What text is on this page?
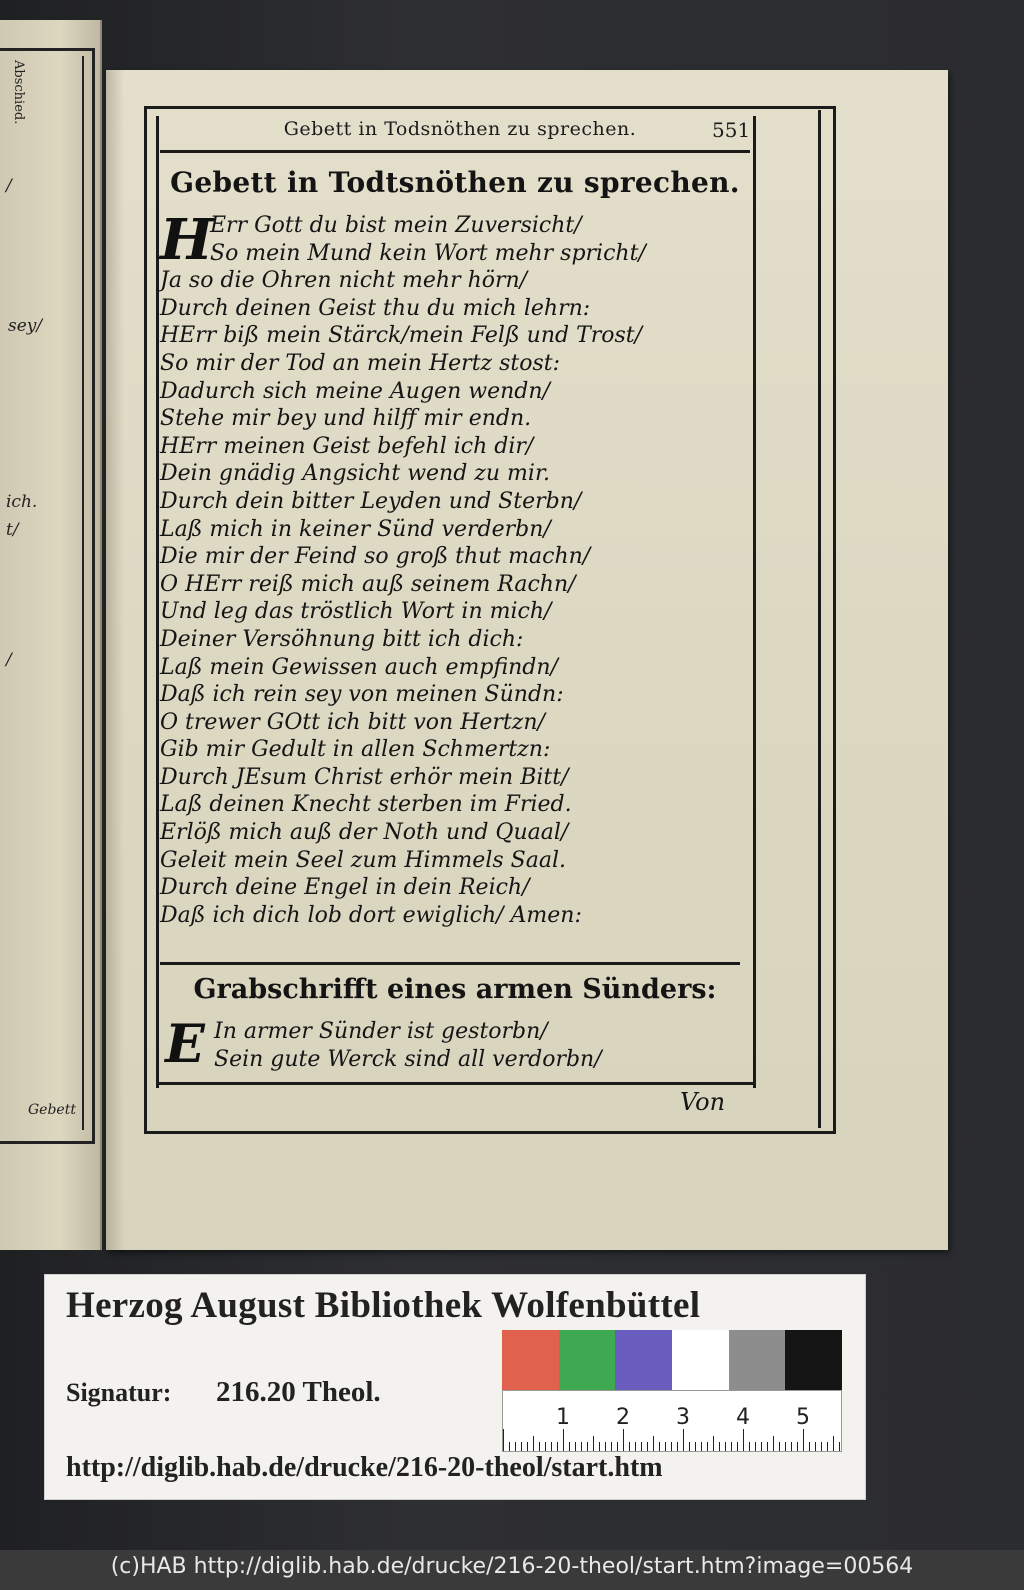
Abschied.
/
sey/
ich.
t/
/
Gebett
Gebett in Todsnöthen zu sprechen.	551
Gebett in Todtsnöthen zu sprechen.
H
Err Gott du bist mein Zuversicht/
So mein Mund kein Wort mehr spricht/
Ja so die Ohren nicht mehr hörn/
Durch deinen Geist thu du mich lehrn:
HErr biß mein Stärck/mein Felß und Trost/
So mir der Tod an mein Hertz stost:
Dadurch sich meine Augen wendn/
Stehe mir bey und hilff mir endn.
HErr meinen Geist befehl ich dir/
Dein gnädig Angsicht wend zu mir.
Durch dein bitter Leyden und Sterbn/
Laß mich in keiner Sünd verderbn/
Die mir der Feind so groß thut machn/
O HErr reiß mich auß seinem Rachn/
Und leg das tröstlich Wort in mich/
Deiner Versöhnung bitt ich dich:
Laß mein Gewissen auch empfindn/
Daß ich rein sey von meinen Sündn:
O trewer GOtt ich bitt von Hertzn/
Gib mir Gedult in allen Schmertzn:
Durch JEsum Christ erhör mein Bitt/
Laß deinen Knecht sterben im Fried.
Erlöß mich auß der Noth und Quaal/
Geleit mein Seel zum Himmels Saal.
Durch deine Engel in dein Reich/
Daß ich dich lob dort ewiglich/ Amen:
Grabschrifft eines armen Sünders:
E In armer Sünder ist gestorbn/
Sein gute Werck sind all verdorbn/
Von
Herzog August Bibliothek Wolfenbüttel
Signatur: 216.20 Theol.
http://diglib.hab.de/drucke/216-20-theol/start.htm
1 2 3 4 5
(c)HAB http://diglib.hab.de/drucke/216-20-theol/start.htm?image=00564
